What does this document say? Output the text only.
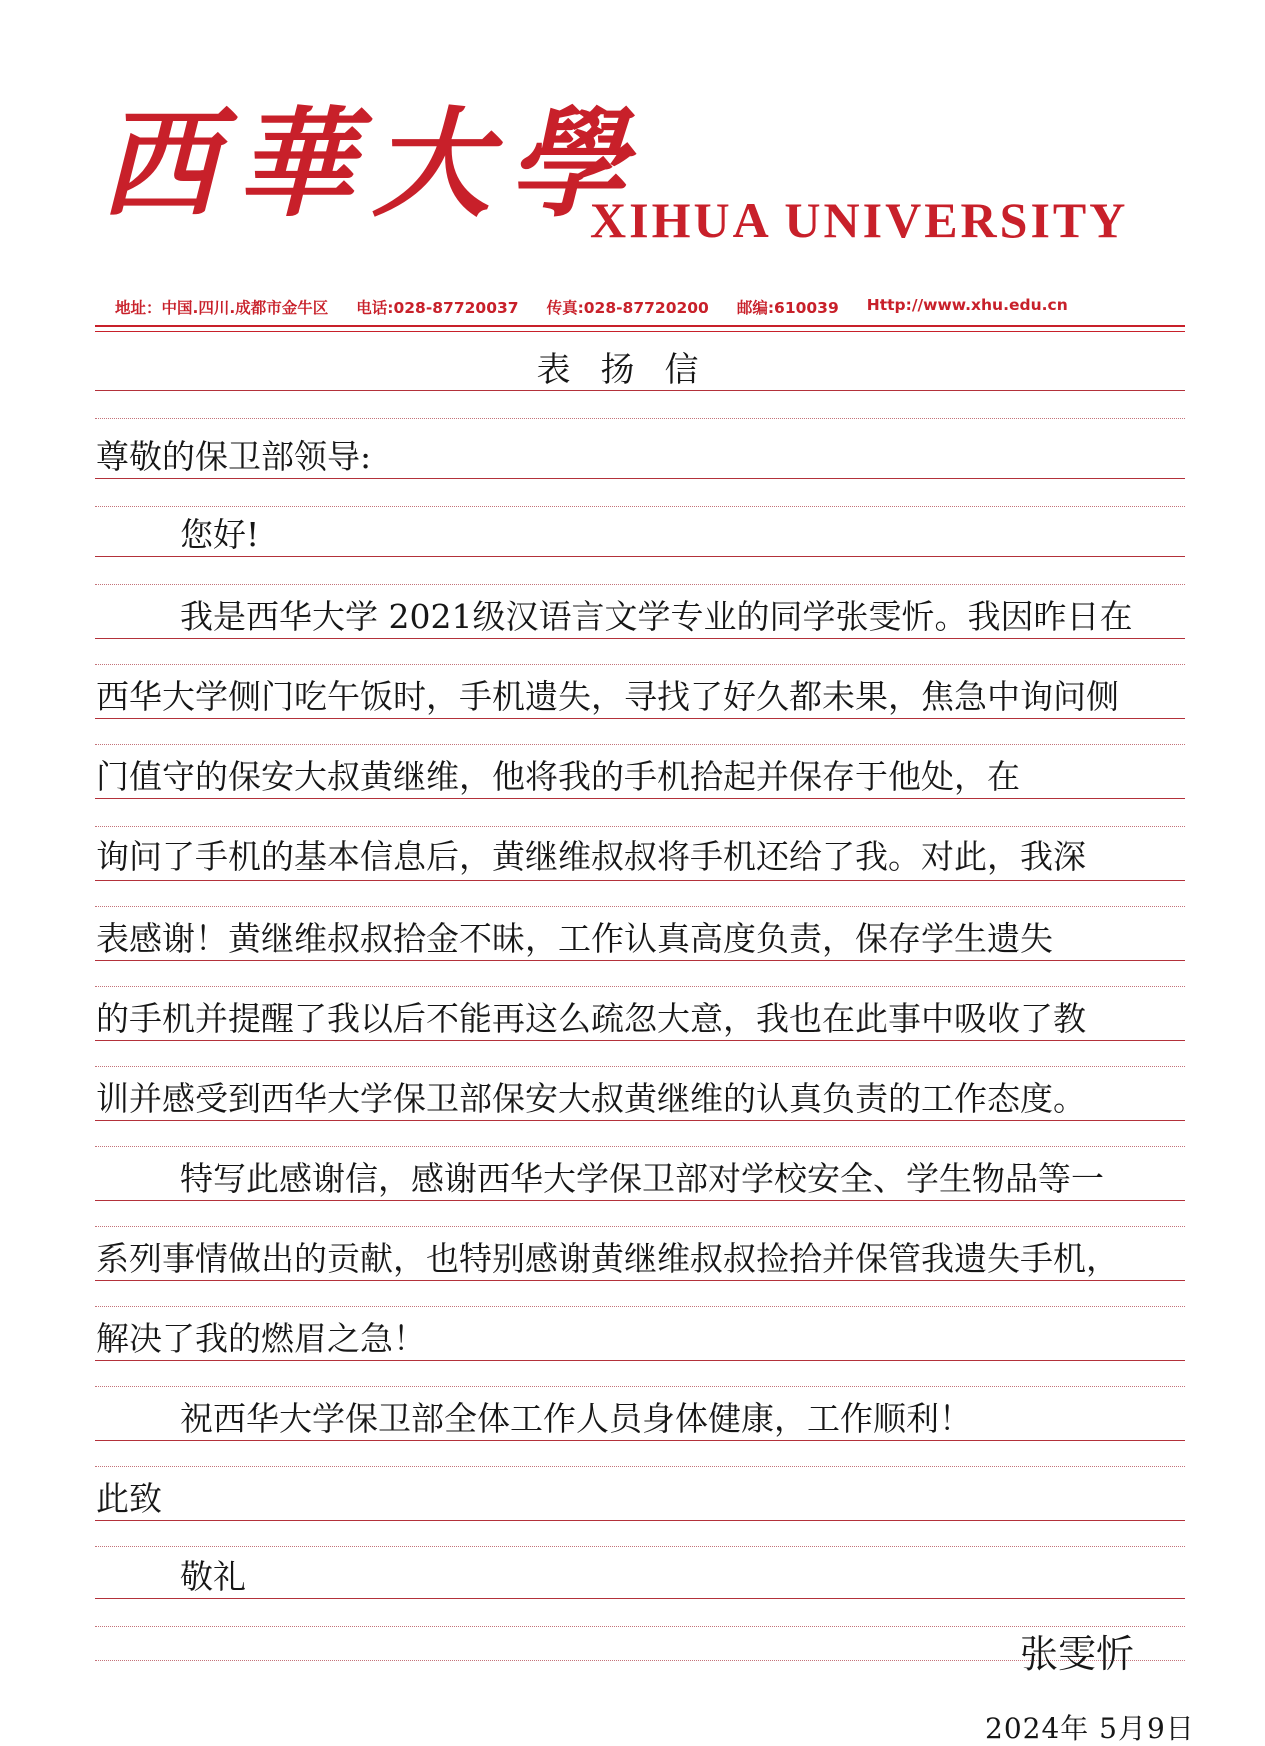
西華大學
XIHUA UNIVERSITY
地址：中国.四川.成都市金牛区 电话:028-87720037 传真:028-87720200 邮编:610039 Http://www.xhu.edu.cn
表扬信
尊敬的保卫部领导:
您好!
我是西华大学 2021级汉语言文学专业的同学张雯忻。我因昨日在
西华大学侧门吃午饭时，手机遗失，寻找了好久都未果，焦急中询问侧
门值守的保安大叔黄继维，他将我的手机拾起并保存于他处，在
询问了手机的基本信息后，黄继维叔叔将手机还给了我。对此，我深
表感谢！黄继维叔叔拾金不昧，工作认真高度负责，保存学生遗失
的手机并提醒了我以后不能再这么疏忽大意，我也在此事中吸收了教
训并感受到西华大学保卫部保安大叔黄继维的认真负责的工作态度。
特写此感谢信，感谢西华大学保卫部对学校安全、学生物品等一
系列事情做出的贡献，也特别感谢黄继维叔叔捡拾并保管我遗失手机，
解决了我的燃眉之急！
祝西华大学保卫部全体工作人员身体健康，工作顺利！
此致
敬礼
张雯忻
2024年 5月9日
